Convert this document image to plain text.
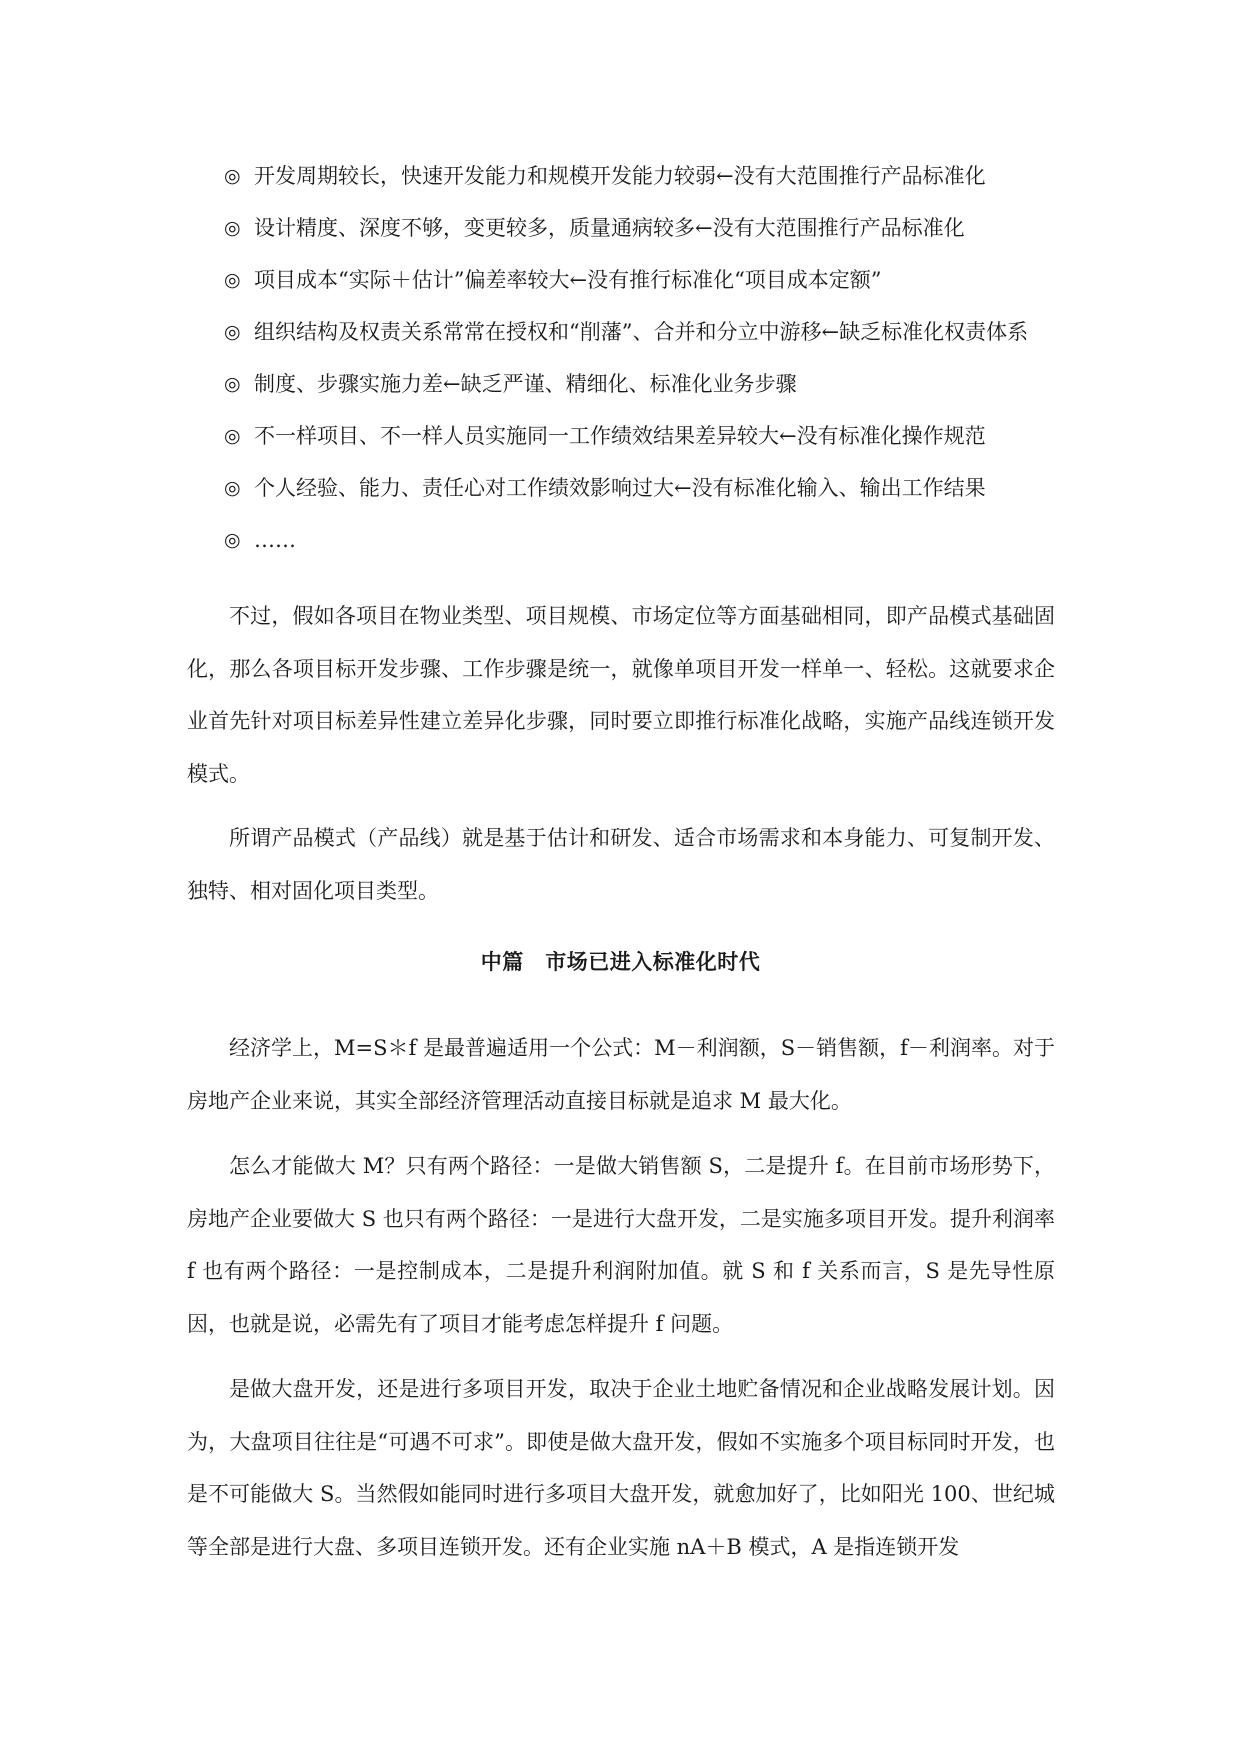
◎ 开发周期较长，快速开发能力和规模开发能力较弱←没有大范围推行产品标准化
◎ 设计精度、深度不够，变更较多，质量通病较多←没有大范围推行产品标准化
◎ 项目成本“实际＋估计”偏差率较大←没有推行标准化“项目成本定额”
◎ 组织结构及权责关系常常在授权和“削藩”、合并和分立中游移←缺乏标准化权责体系
◎ 制度、步骤实施力差←缺乏严谨、精细化、标准化业务步骤
◎ 不一样项目、不一样人员实施同一工作绩效结果差异较大←没有标准化操作规范
◎ 个人经验、能力、责任心对工作绩效影响过大←没有标准化输入、输出工作结果
◎ ……

不过，假如各项目在物业类型、项目规模、市场定位等方面基础相同，即产品模式基础固化，那么各项目标开发步骤、工作步骤是统一，就像单项目开发一样单一、轻松。这就要求企业首先针对项目标差异性建立差异化步骤，同时要立即推行标准化战略，实施产品线连锁开发模式。

所谓产品模式（产品线）就是基于估计和研发、适合市场需求和本身能力、可复制开发、独特、相对固化项目类型。

中篇　市场已进入标准化时代

经济学上，M=S＊f 是最普遍适用一个公式：M－利润额，S－销售额，f－利润率。对于房地产企业来说，其实全部经济管理活动直接目标就是追求 M 最大化。

怎么才能做大 M？只有两个路径：一是做大销售额 S，二是提升 f。在目前市场形势下，房地产企业要做大 S 也只有两个路径：一是进行大盘开发，二是实施多项目开发。提升利润率 f 也有两个路径：一是控制成本，二是提升利润附加值。就 S 和 f 关系而言，S 是先导性原因，也就是说，必需先有了项目才能考虑怎样提升 f 问题。

是做大盘开发，还是进行多项目开发，取决于企业土地贮备情况和企业战略发展计划。因为，大盘项目往往是“可遇不可求”。即使是做大盘开发，假如不实施多个项目标同时开发，也是不可能做大 S。当然假如能同时进行多项目大盘开发，就愈加好了，比如阳光 100、世纪城等全部是进行大盘、多项目连锁开发。还有企业实施 nA＋B 模式，A 是指连锁开发
